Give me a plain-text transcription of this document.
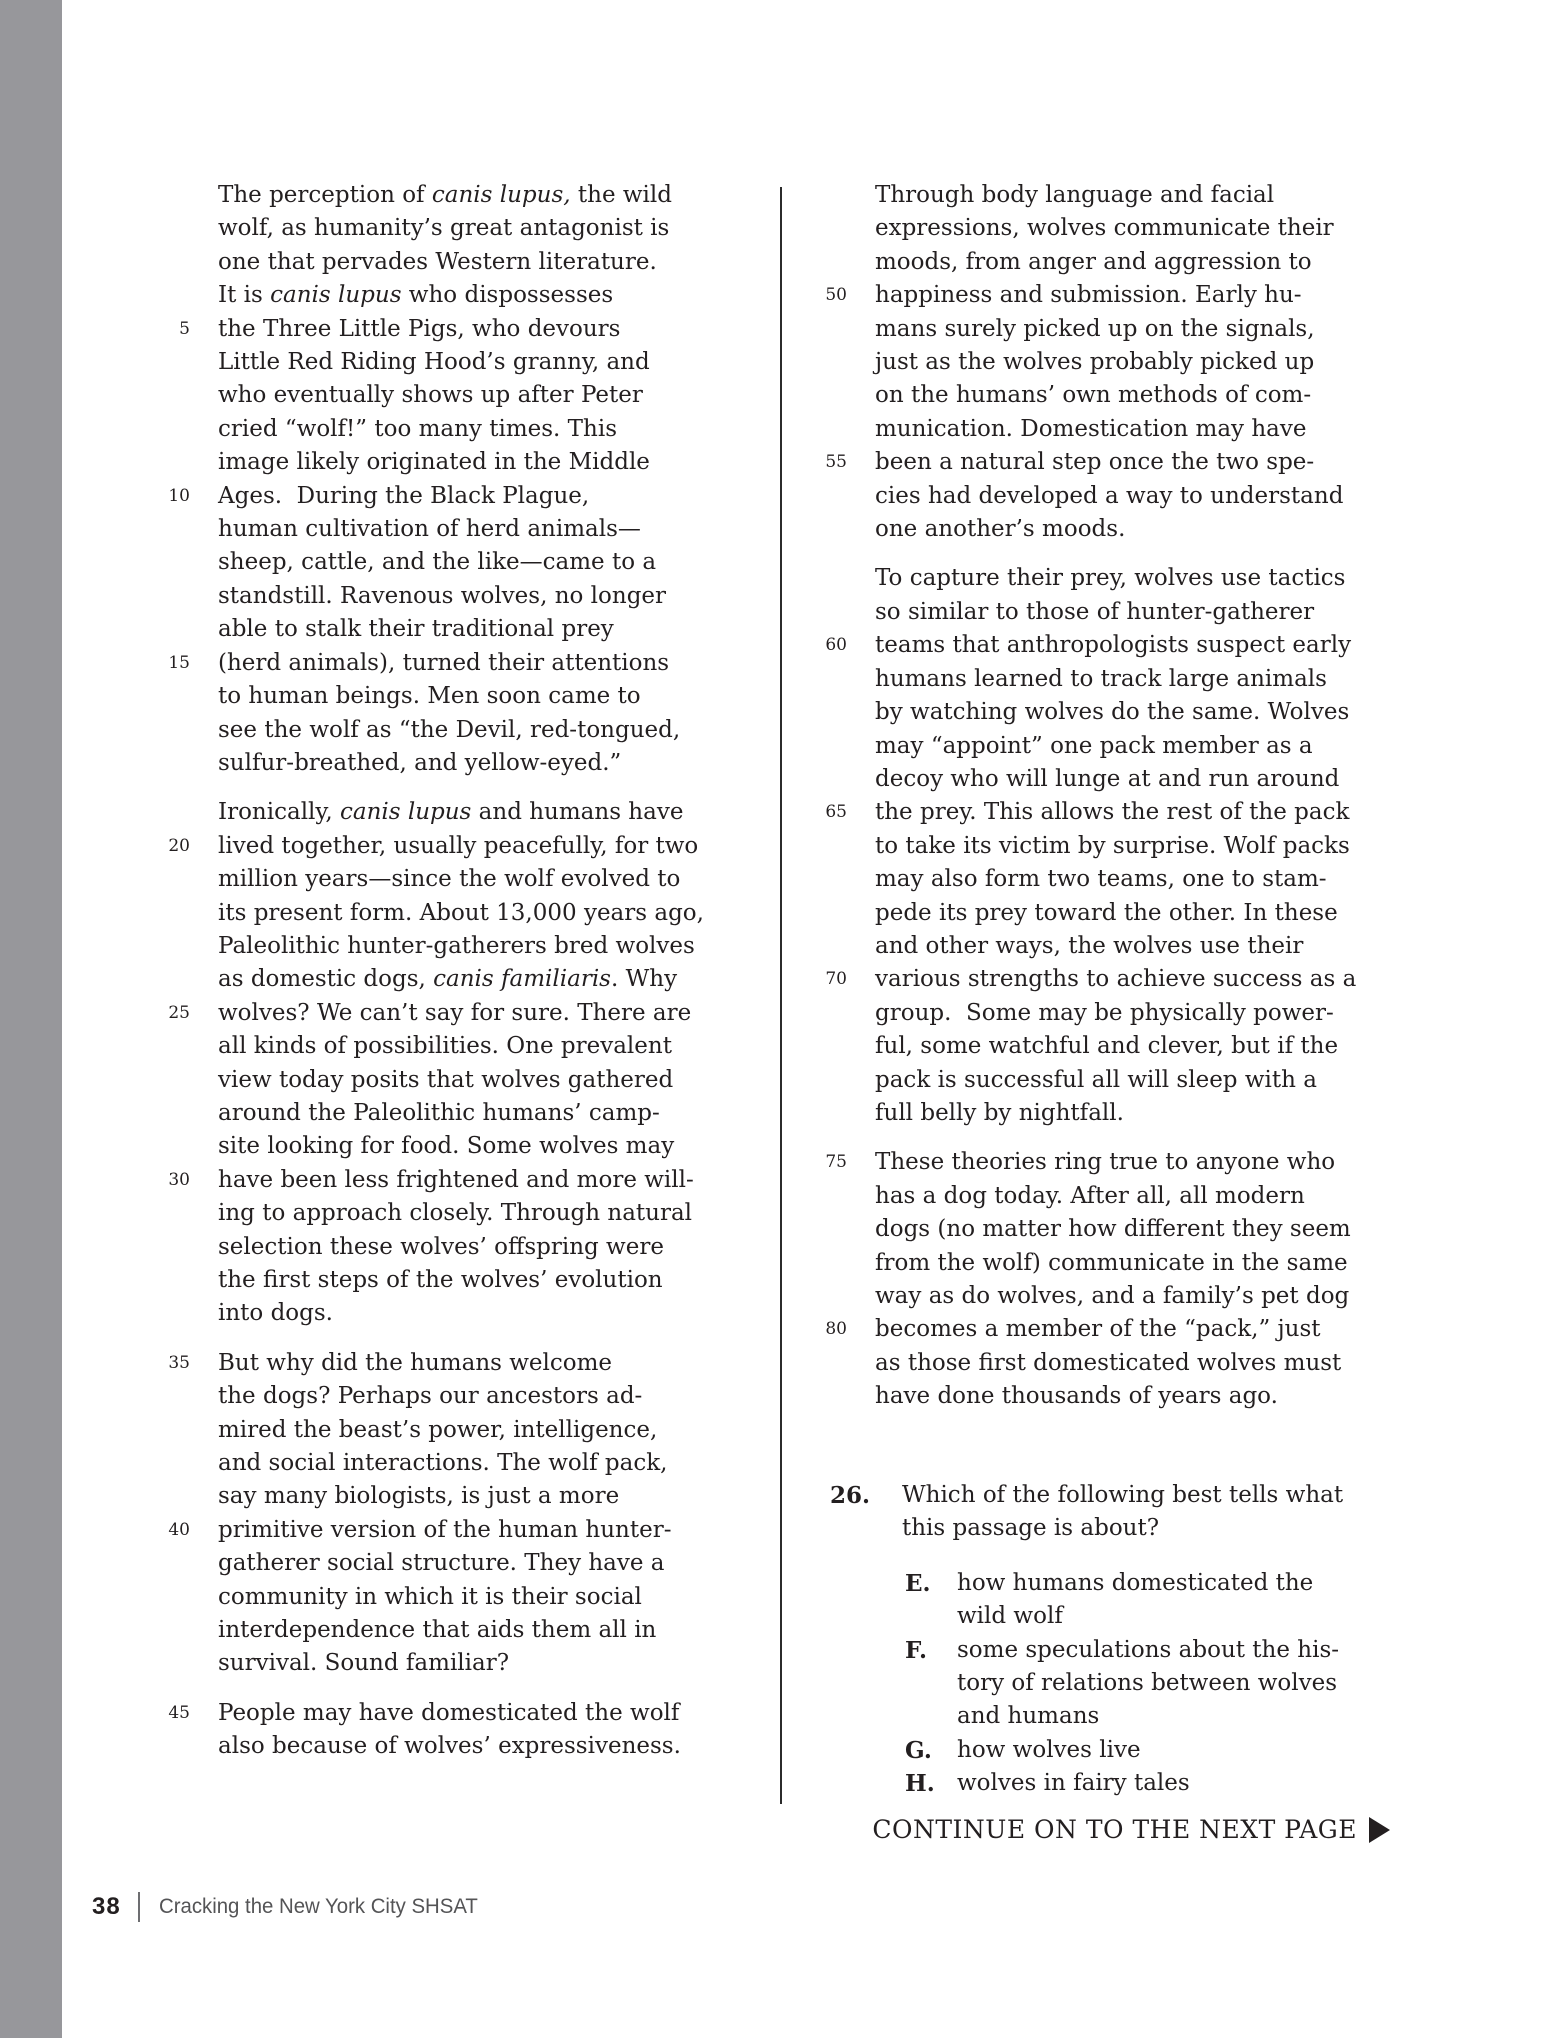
The perception of canis lupus, the wild
wolf, as humanity’s great antagonist is
one that pervades Western literature.
It is canis lupus who dispossesses
5 the Three Little Pigs, who devours
Little Red Riding Hood’s granny, and
who eventually shows up after Peter
cried “wolf!” too many times. This
image likely originated in the Middle
10 Ages.  During the Black Plague,
human cultivation of herd animals—
sheep, cattle, and the like—came to a
standstill. Ravenous wolves, no longer
able to stalk their traditional prey
15 (herd animals), turned their attentions
to human beings. Men soon came to
see the wolf as “the Devil, red-tongued,
sulfur-breathed, and yellow-eyed.”
Ironically, canis lupus and humans have
20 lived together, usually peacefully, for two
million years—since the wolf evolved to
its present form. About 13,000 years ago,
Paleolithic hunter-gatherers bred wolves
as domestic dogs, canis familiaris. Why
25 wolves? We can’t say for sure. There are
all kinds of possibilities. One prevalent
view today posits that wolves gathered
around the Paleolithic humans’ camp-
site looking for food. Some wolves may
30 have been less frightened and more will-
ing to approach closely. Through natural
selection these wolves’ offspring were
the first steps of the wolves’ evolution
into dogs.
35 But why did the humans welcome
the dogs? Perhaps our ancestors ad-
mired the beast’s power, intelligence,
and social interactions. The wolf pack,
say many biologists, is just a more
40 primitive version of the human hunter-
gatherer social structure. They have a
community in which it is their social
interdependence that aids them all in
survival. Sound familiar?
45 People may have domesticated the wolf
also because of wolves’ expressiveness.
Through body language and facial
expressions, wolves communicate their
moods, from anger and aggression to
50 happiness and submission. Early hu-
mans surely picked up on the signals,
just as the wolves probably picked up
on the humans’ own methods of com-
munication. Domestication may have
55 been a natural step once the two spe-
cies had developed a way to understand
one another’s moods.
To capture their prey, wolves use tactics
so similar to those of hunter-gatherer
60 teams that anthropologists suspect early
humans learned to track large animals
by watching wolves do the same. Wolves
may “appoint” one pack member as a
decoy who will lunge at and run around
65 the prey. This allows the rest of the pack
to take its victim by surprise. Wolf packs
may also form two teams, one to stam-
pede its prey toward the other. In these
and other ways, the wolves use their
70 various strengths to achieve success as a
group.  Some may be physically power-
ful, some watchful and clever, but if the
pack is successful all will sleep with a
full belly by nightfall.
75 These theories ring true to anyone who
has a dog today. After all, all modern
dogs (no matter how different they seem
from the wolf) communicate in the same
way as do wolves, and a family’s pet dog
80 becomes a member of the “pack,” just
as those first domesticated wolves must
have done thousands of years ago.
26. Which of the following best tells what
this passage is about?
E. how humans domesticated the
wild wolf
F. some speculations about the his-
tory of relations between wolves
and humans
G. how wolves live
H. wolves in fairy tales
CONTINUE ON TO THE NEXT PAGE
38 Cracking the New York City SHSAT
